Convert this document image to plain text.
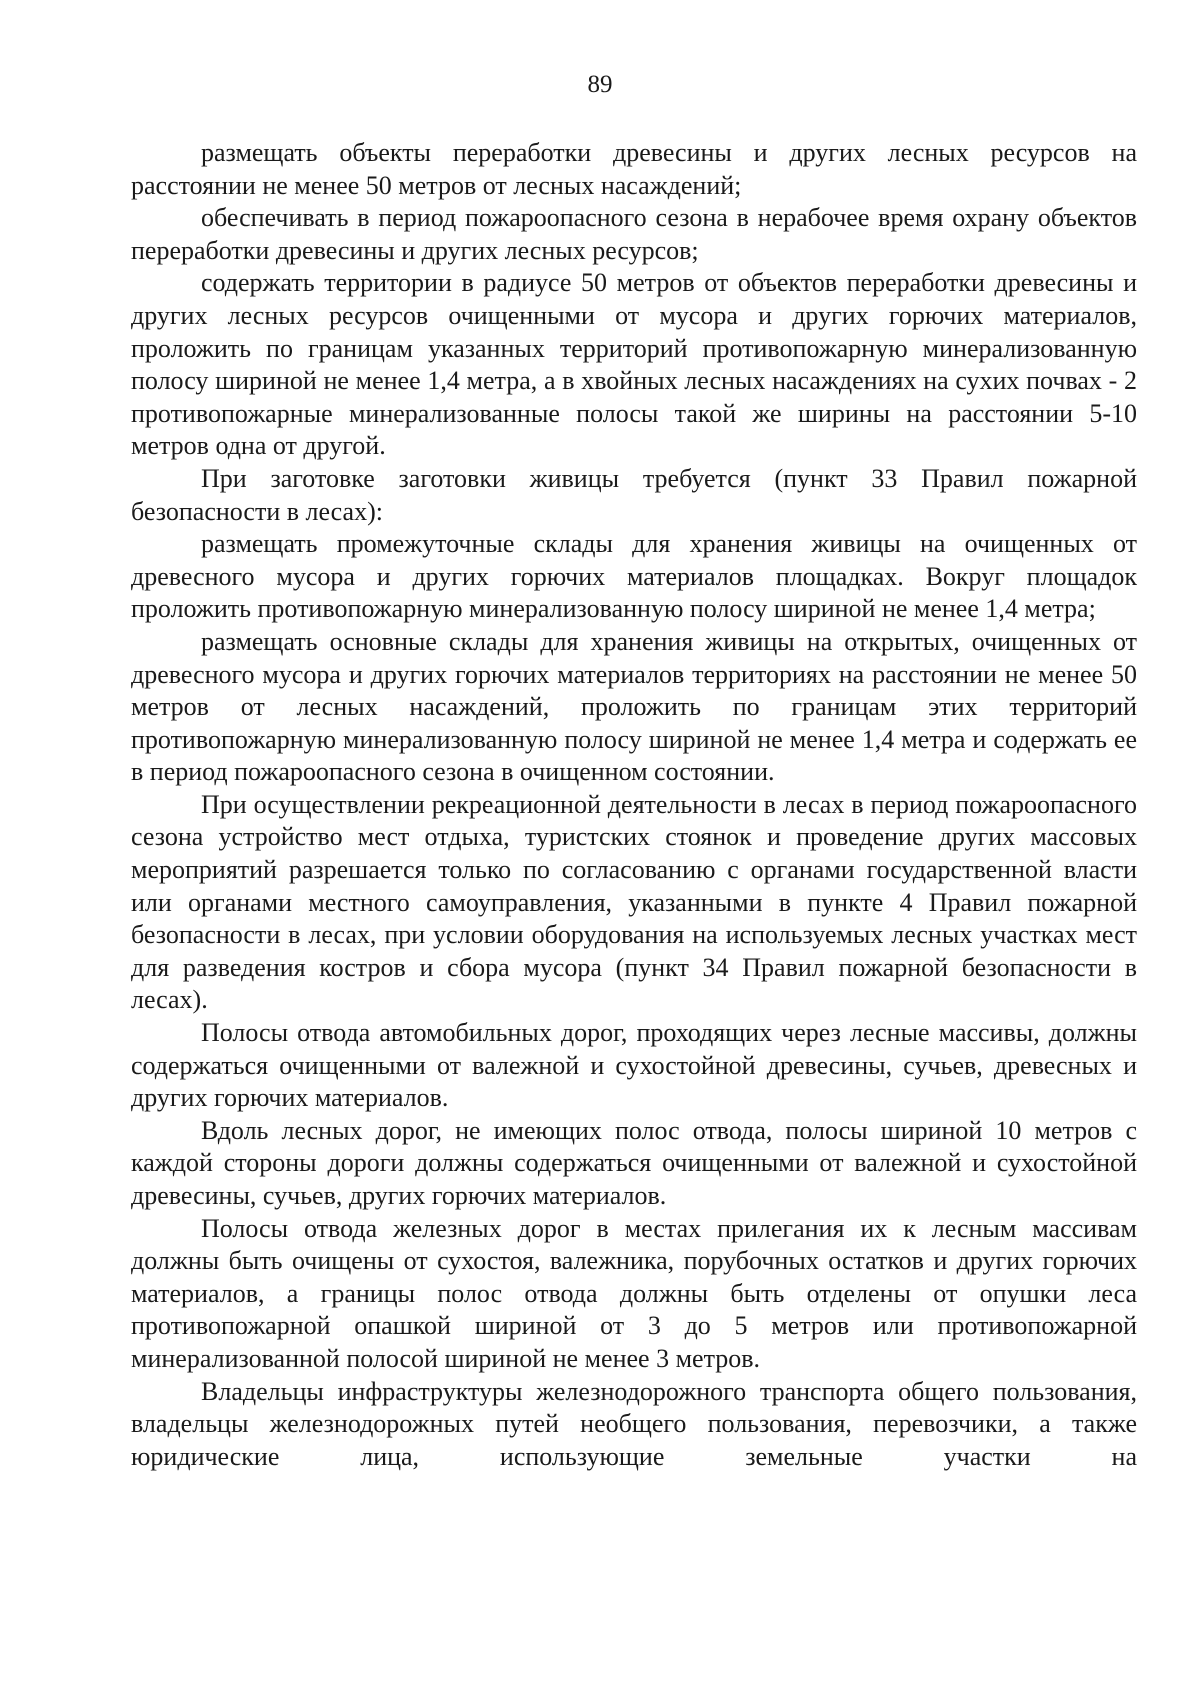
89

размещать объекты переработки древесины и других лесных ресурсов на расстоянии не менее 50 метров от лесных насаждений;

обеспечивать в период пожароопасного сезона в нерабочее время охрану объектов переработки древесины и других лесных ресурсов;

содержать территории в радиусе 50 метров от объектов переработки древесины и других лесных ресурсов очищенными от мусора и других горючих материалов, проложить по границам указанных территорий противопожарную минерализованную полосу шириной не менее 1,4 метра, а в хвойных лесных насаждениях на сухих почвах - 2 противопожарные минерализованные полосы такой же ширины на расстоянии 5-10 метров одна от другой.

При заготовке заготовки живицы требуется (пункт 33 Правил пожарной безопасности в лесах):

размещать промежуточные склады для хранения живицы на очищенных от древесного мусора и других горючих материалов площадках. Вокруг площадок проложить противопожарную минерализованную полосу шириной не менее 1,4 метра;

размещать основные склады для хранения живицы на открытых, очищенных от древесного мусора и других горючих материалов территориях на расстоянии не менее 50 метров от лесных насаждений, проложить по границам этих территорий противопожарную минерализованную полосу шириной не менее 1,4 метра и содержать ее в период пожароопасного сезона в очищенном состоянии.

При осуществлении рекреационной деятельности в лесах в период пожароопасного сезона устройство мест отдыха, туристских стоянок и проведение других массовых мероприятий разрешается только по согласованию с органами государственной власти или органами местного самоуправления, указанными в пункте 4 Правил пожарной безопасности в лесах, при условии оборудования на используемых лесных участках мест для разведения костров и сбора мусора (пункт 34 Правил пожарной безопасности в лесах).

Полосы отвода автомобильных дорог, проходящих через лесные массивы, должны содержаться очищенными от валежной и сухостойной древесины, сучьев, древесных и других горючих материалов.

Вдоль лесных дорог, не имеющих полос отвода, полосы шириной 10 метров с каждой стороны дороги должны содержаться очищенными от валежной и сухостойной древесины, сучьев, других горючих материалов.

Полосы отвода железных дорог в местах прилегания их к лесным массивам должны быть очищены от сухостоя, валежника, порубочных остатков и других горючих материалов, а границы полос отвода должны быть отделены от опушки леса противопожарной опашкой шириной от 3 до 5 метров или противопожарной минерализованной полосой шириной не менее 3 метров.

Владельцы инфраструктуры железнодорожного транспорта общего пользования, владельцы железнодорожных путей необщего пользования, перевозчики, а также юридические лица, использующие земельные участки на
